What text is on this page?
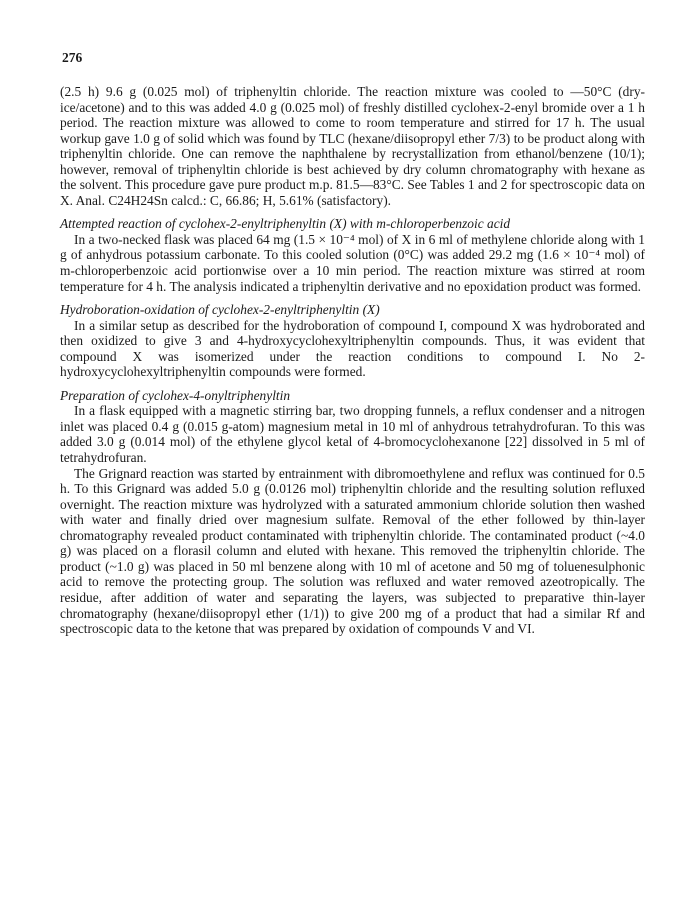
276

(2.5 h) 9.6 g (0.025 mol) of triphenyltin chloride. The reaction mixture was cooled to —50°C (dry-ice/acetone) and to this was added 4.0 g (0.025 mol) of freshly distilled cyclohex-2-enyl bromide over a 1 h period. The reaction mixture was allowed to come to room temperature and stirred for 17 h. The usual workup gave 1.0 g of solid which was found by TLC (hexane/diisopropyl ether 7/3) to be product along with triphenyltin chloride. One can remove the naphthalene by recrystallization from ethanol/benzene (10/1); however, removal of triphenyltin chloride is best achieved by dry column chromatography with hexane as the solvent. This procedure gave pure product m.p. 81.5—83°C. See Tables 1 and 2 for spectroscopic data on X. Anal. C24H24Sn calcd.: C, 66.86; H, 5.61% (satisfactory).

Attempted reaction of cyclohex-2-enyltriphenyltin (X) with m-chloroperbenzoic acid

In a two-necked flask was placed 64 mg (1.5 × 10⁻⁴ mol) of X in 6 ml of methylene chloride along with 1 g of anhydrous potassium carbonate. To this cooled solution (0°C) was added 29.2 mg (1.6 × 10⁻⁴ mol) of m-chloroperbenzoic acid portionwise over a 10 min period. The reaction mixture was stirred at room temperature for 4 h. The analysis indicated a triphenyltin derivative and no epoxidation product was formed.

Hydroboration-oxidation of cyclohex-2-enyltriphenyltin (X)

In a similar setup as described for the hydroboration of compound I, compound X was hydroborated and then oxidized to give 3 and 4-hydroxycyclohexyltriphenyltin compounds. Thus, it was evident that compound X was isomerized under the reaction conditions to compound I. No 2-hydroxycyclohexyltriphenyltin compounds were formed.

Preparation of cyclohex-4-onyltriphenyltin

In a flask equipped with a magnetic stirring bar, two dropping funnels, a reflux condenser and a nitrogen inlet was placed 0.4 g (0.015 g-atom) magnesium metal in 10 ml of anhydrous tetrahydrofuran. To this was added 3.0 g (0.014 mol) of the ethylene glycol ketal of 4-bromocyclohexanone [22] dissolved in 5 ml of tetrahydrofuran.

The Grignard reaction was started by entrainment with dibromoethylene and reflux was continued for 0.5 h. To this Grignard was added 5.0 g (0.0126 mol) triphenyltin chloride and the resulting solution refluxed overnight. The reaction mixture was hydrolyzed with a saturated ammonium chloride solution then washed with water and finally dried over magnesium sulfate. Removal of the ether followed by thin-layer chromatography revealed product contaminated with triphenyltin chloride. The contaminated product (~4.0 g) was placed on a florasil column and eluted with hexane. This removed the triphenyltin chloride. The product (~1.0 g) was placed in 50 ml benzene along with 10 ml of acetone and 50 mg of toluenesulphonic acid to remove the protecting group. The solution was refluxed and water removed azeotropically. The residue, after addition of water and separating the layers, was subjected to preparative thin-layer chromatography (hexane/diisopropyl ether (1/1)) to give 200 mg of a product that had a similar Rf and spectroscopic data to the ketone that was prepared by oxidation of compounds V and VI.
